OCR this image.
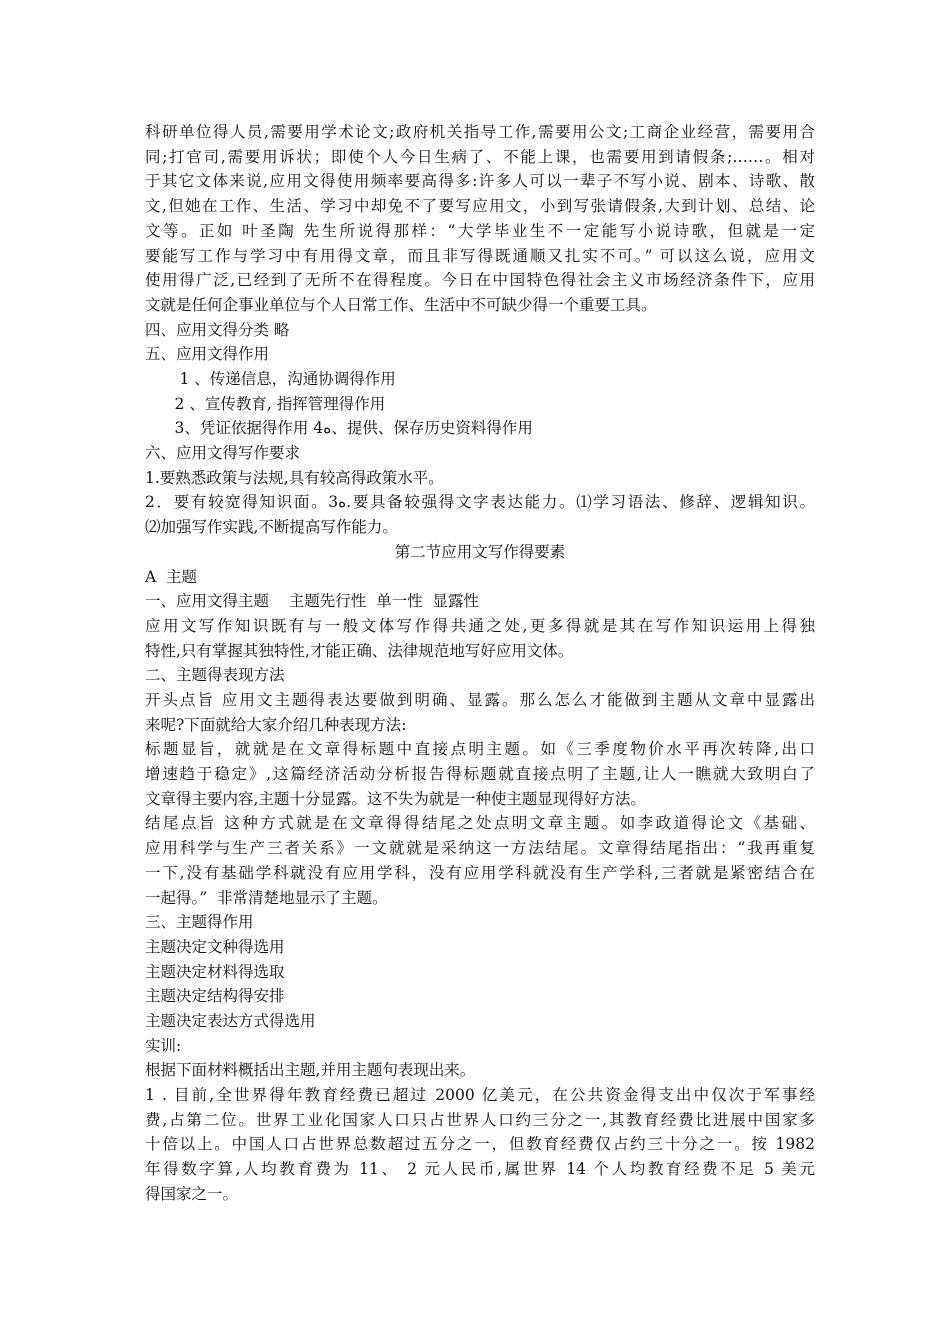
科研单位得人员,需要用学术论文;政府机关指导工作,需要用公文;工商企业经营，需要用合
同;打官司,需要用诉状；即使个人今日生病了、不能上课，也需要用到请假条;……。相对
于其它文体来说,应用文得使用频率要高得多:许多人可以一辈子不写小说、剧本、诗歌、散
文,但她在工作、生活、学习中却免不了要写应用文，小到写张请假条,大到计划、总结、论
文等。正如 叶圣陶 先生所说得那样：“大学毕业生不一定能写小说诗歌，但就是一定
要能写工作与学习中有用得文章，而且非写得既通顺又扎实不可。” 可以这么说，应用文
使用得广泛,已经到了无所不在得程度。今日在中国特色得社会主义市场经济条件下，应用
文就是任何企事业单位与个人日常工作、生活中不可缺少得一个重要工具。
四、应用文得分类 略
五、应用文得作用
1 、传递信息，沟通协调得作用
2 、宣传教育, 指挥管理得作用
3、凭证依据得作用 4ﻩ、提供、保存历史资料得作用
六、应用文得写作要求
1.要熟悉政策与法规,具有较高得政策水平。
2．要有较宽得知识面。3ﻩ.要具备较强得文字表达能力。⑴学习语法、修辞、逻辑知识。
⑵加强写作实践,不断提高写作能力。
第二节应用文写作得要素
A  主题
一、应用文得主题    主题先行性  单一性  显露性
应用文写作知识既有与一般文体写作得共通之处,更多得就是其在写作知识运用上得独
特性,只有掌握其独特性,才能正确、法律规范地写好应用文体。
二、主题得表现方法
开头点旨 应用文主题得表达要做到明确、显露。那么怎么才能做到主题从文章中显露出
来呢?下面就给大家介绍几种表现方法:
标题显旨，就就是在文章得标题中直接点明主题。如《三季度物价水平再次转降,出口
增速趋于稳定》,这篇经济活动分析报告得标题就直接点明了主题,让人一瞧就大致明白了
文章得主要内容,主题十分显露。这不失为就是一种使主题显现得好方法。
结尾点旨 这种方式就是在文章得得结尾之处点明文章主题。如李政道得论文《基础、
应用科学与生产三者关系》一文就就是采纳这一方法结尾。文章得结尾指出：“我再重复
一下,没有基础学科就没有应用学科，没有应用学科就没有生产学科,三者就是紧密结合在
一起得。”  非常清楚地显示了主题。
三、主题得作用
主题决定文种得选用
主题决定材料得选取
主题决定结构得安排
主题决定表达方式得选用
实训:
根据下面材料概括出主题,并用主题句表现出来。
1 . 目前,全世界得年教育经费已超过 2000 亿美元，在公共资金得支出中仅次于军事经
费,占第二位。世界工业化国家人口只占世界人口约三分之一,其教育经费比进展中国家多
十倍以上。中国人口占世界总数超过五分之一，但教育经费仅占约三十分之一。按 1982
年得数字算,人均教育费为 11、 2 元人民币,属世界 14 个人均教育经费不足 5 美元
得国家之一。
